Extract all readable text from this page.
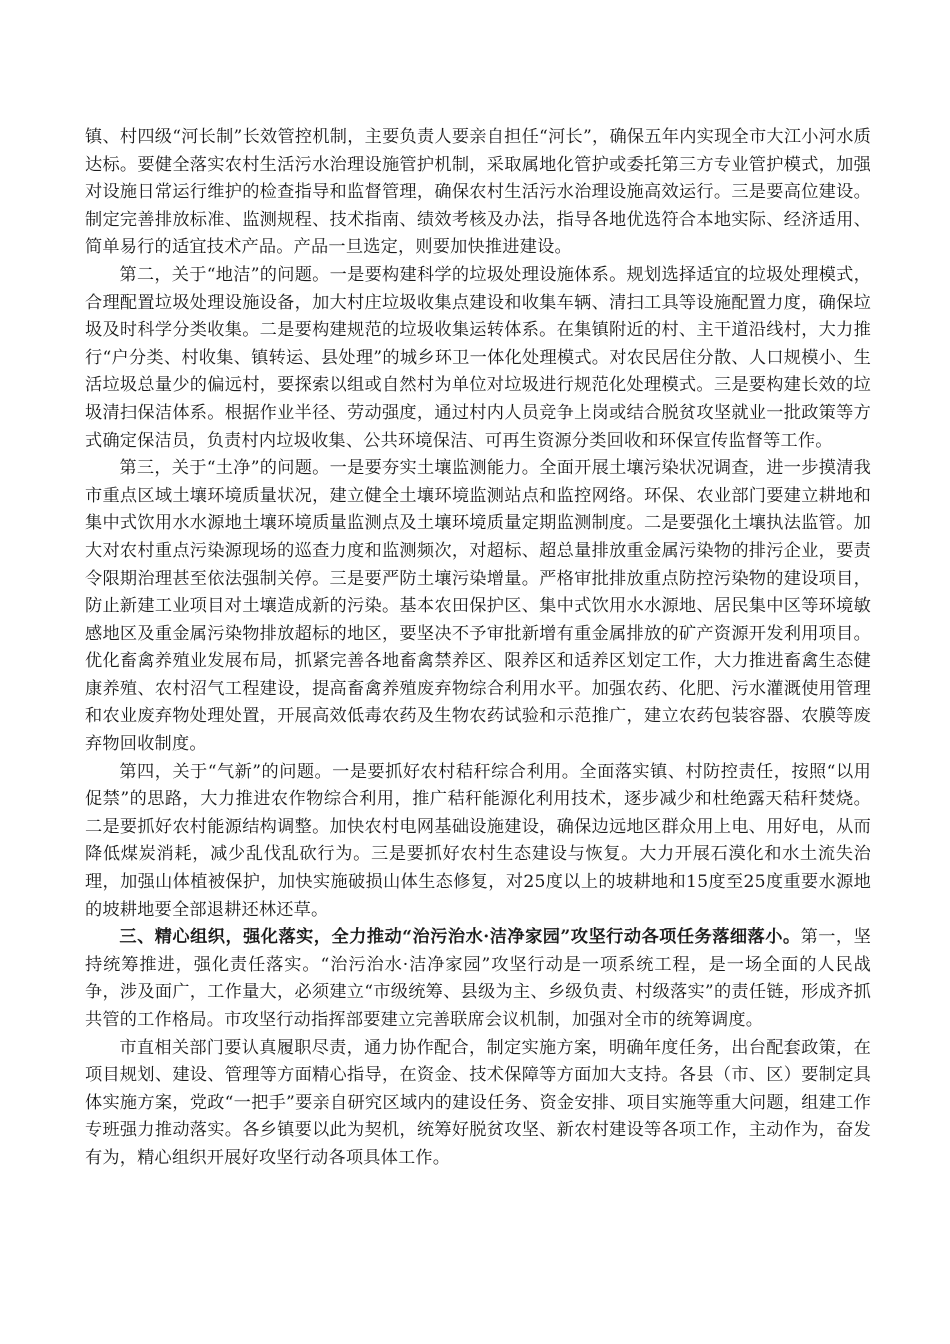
镇、村四级“河长制”长效管控机制，主要负责人要亲自担任“河长”，确保五年内实现全市大江小河水质达标。要健全落实农村生活污水治理设施管护机制，采取属地化管护或委托第三方专业管护模式，加强对设施日常运行维护的检查指导和监督管理，确保农村生活污水治理设施高效运行。三是要高位建设。制定完善排放标准、监测规程、技术指南、绩效考核及办法，指导各地优选符合本地实际、经济适用、简单易行的适宜技术产品。产品一旦选定，则要加快推进建设。

第二，关于“地洁”的问题。一是要构建科学的垃圾处理设施体系。规划选择适宜的垃圾处理模式，合理配置垃圾处理设施设备，加大村庄垃圾收集点建设和收集车辆、清扫工具等设施配置力度，确保垃圾及时科学分类收集。二是要构建规范的垃圾收集运转体系。在集镇附近的村、主干道沿线村，大力推行“户分类、村收集、镇转运、县处理”的城乡环卫一体化处理模式。对农民居住分散、人口规模小、生活垃圾总量少的偏远村，要探索以组或自然村为单位对垃圾进行规范化处理模式。三是要构建长效的垃圾清扫保洁体系。根据作业半径、劳动强度，通过村内人员竞争上岗或结合脱贫攻坚就业一批政策等方式确定保洁员，负责村内垃圾收集、公共环境保洁、可再生资源分类回收和环保宣传监督等工作。

第三，关于“土净”的问题。一是要夯实土壤监测能力。全面开展土壤污染状况调查，进一步摸清我市重点区域土壤环境质量状况，建立健全土壤环境监测站点和监控网络。环保、农业部门要建立耕地和集中式饮用水水源地土壤环境质量监测点及土壤环境质量定期监测制度。二是要强化土壤执法监管。加大对农村重点污染源现场的巡查力度和监测频次，对超标、超总量排放重金属污染物的排污企业，要责令限期治理甚至依法强制关停。三是要严防土壤污染增量。严格审批排放重点防控污染物的建设项目，防止新建工业项目对土壤造成新的污染。基本农田保护区、集中式饮用水水源地、居民集中区等环境敏感地区及重金属污染物排放超标的地区，要坚决不予审批新增有重金属排放的矿产资源开发利用项目。优化畜禽养殖业发展布局，抓紧完善各地畜禽禁养区、限养区和适养区划定工作，大力推进畜禽生态健康养殖、农村沼气工程建设，提高畜禽养殖废弃物综合利用水平。加强农药、化肥、污水灌溉使用管理和农业废弃物处理处置，开展高效低毒农药及生物农药试验和示范推广，建立农药包装容器、农膜等废弃物回收制度。

第四，关于“气新”的问题。一是要抓好农村秸秆综合利用。全面落实镇、村防控责任，按照“以用促禁”的思路，大力推进农作物综合利用，推广秸秆能源化利用技术，逐步减少和杜绝露天秸秆焚烧。二是要抓好农村能源结构调整。加快农村电网基础设施建设，确保边远地区群众用上电、用好电，从而降低煤炭消耗，减少乱伐乱砍行为。三是要抓好农村生态建设与恢复。大力开展石漠化和水土流失治理，加强山体植被保护，加快实施破损山体生态修复，对25度以上的坡耕地和15度至25度重要水源地的坡耕地要全部退耕还林还草。

三、精心组织，强化落实，全力推动“治污治水·洁净家园”攻坚行动各项任务落细落小。第一，坚持统筹推进，强化责任落实。“治污治水·洁净家园”攻坚行动是一项系统工程，是一场全面的人民战争，涉及面广，工作量大，必须建立“市级统筹、县级为主、乡级负责、村级落实”的责任链，形成齐抓共管的工作格局。市攻坚行动指挥部要建立完善联席会议机制，加强对全市的统筹调度。

市直相关部门要认真履职尽责，通力协作配合，制定实施方案，明确年度任务，出台配套政策，在项目规划、建设、管理等方面精心指导，在资金、技术保障等方面加大支持。各县（市、区）要制定具体实施方案，党政“一把手”要亲自研究区域内的建设任务、资金安排、项目实施等重大问题，组建工作专班强力推动落实。各乡镇要以此为契机，统筹好脱贫攻坚、新农村建设等各项工作，主动作为，奋发有为，精心组织开展好攻坚行动各项具体工作。
